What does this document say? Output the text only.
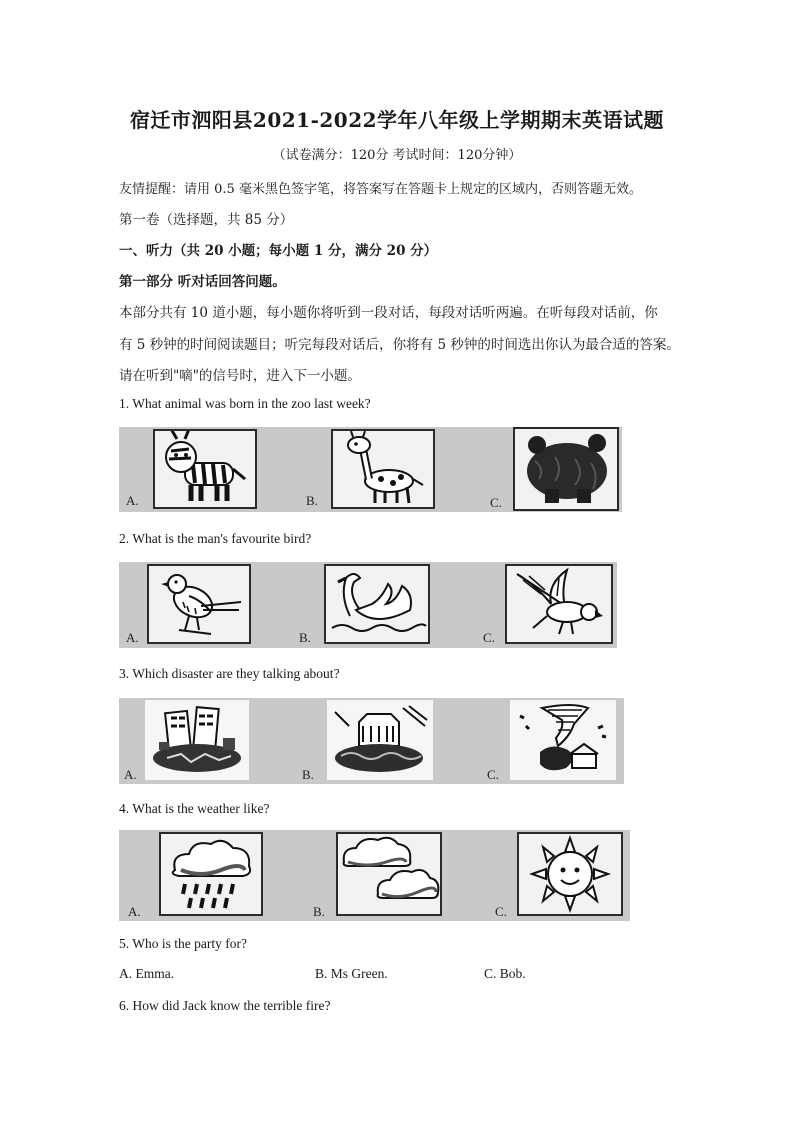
宿迁市泗阳县2021-2022学年八年级上学期期末英语试题
（试卷满分：120分 考试时间：120分钟）
友情提醒：请用 0.5 毫米黑色签字笔，将答案写在答题卡上规定的区域内，否则答题无效。
第一卷（选择题，共 85 分）
一、听力（共 20 小题；每小题 1 分，满分 20 分）
第一部分 听对话回答问题。
本部分共有 10 道小题，每小题你将听到一段对话，每段对话听两遍。在听每段对话前，你
有 5 秒钟的时间阅读题目；听完每段对话后，你将有 5 秒钟的时间选出你认为最合适的答案。
请在听到"嘀"的信号时，进入下一小题。
1. What animal was born in the zoo last week?
A.	B.	C.
2. What is the man's favourite bird?
A.	B.	C.
3. Which disaster are they talking about?
A.	B.	C.
4. What is the weather like?
A.	B.	C.
5. Who is the party for?
A. Emma.	B. Ms Green.	C. Bob.
6. How did Jack know the terrible fire?
